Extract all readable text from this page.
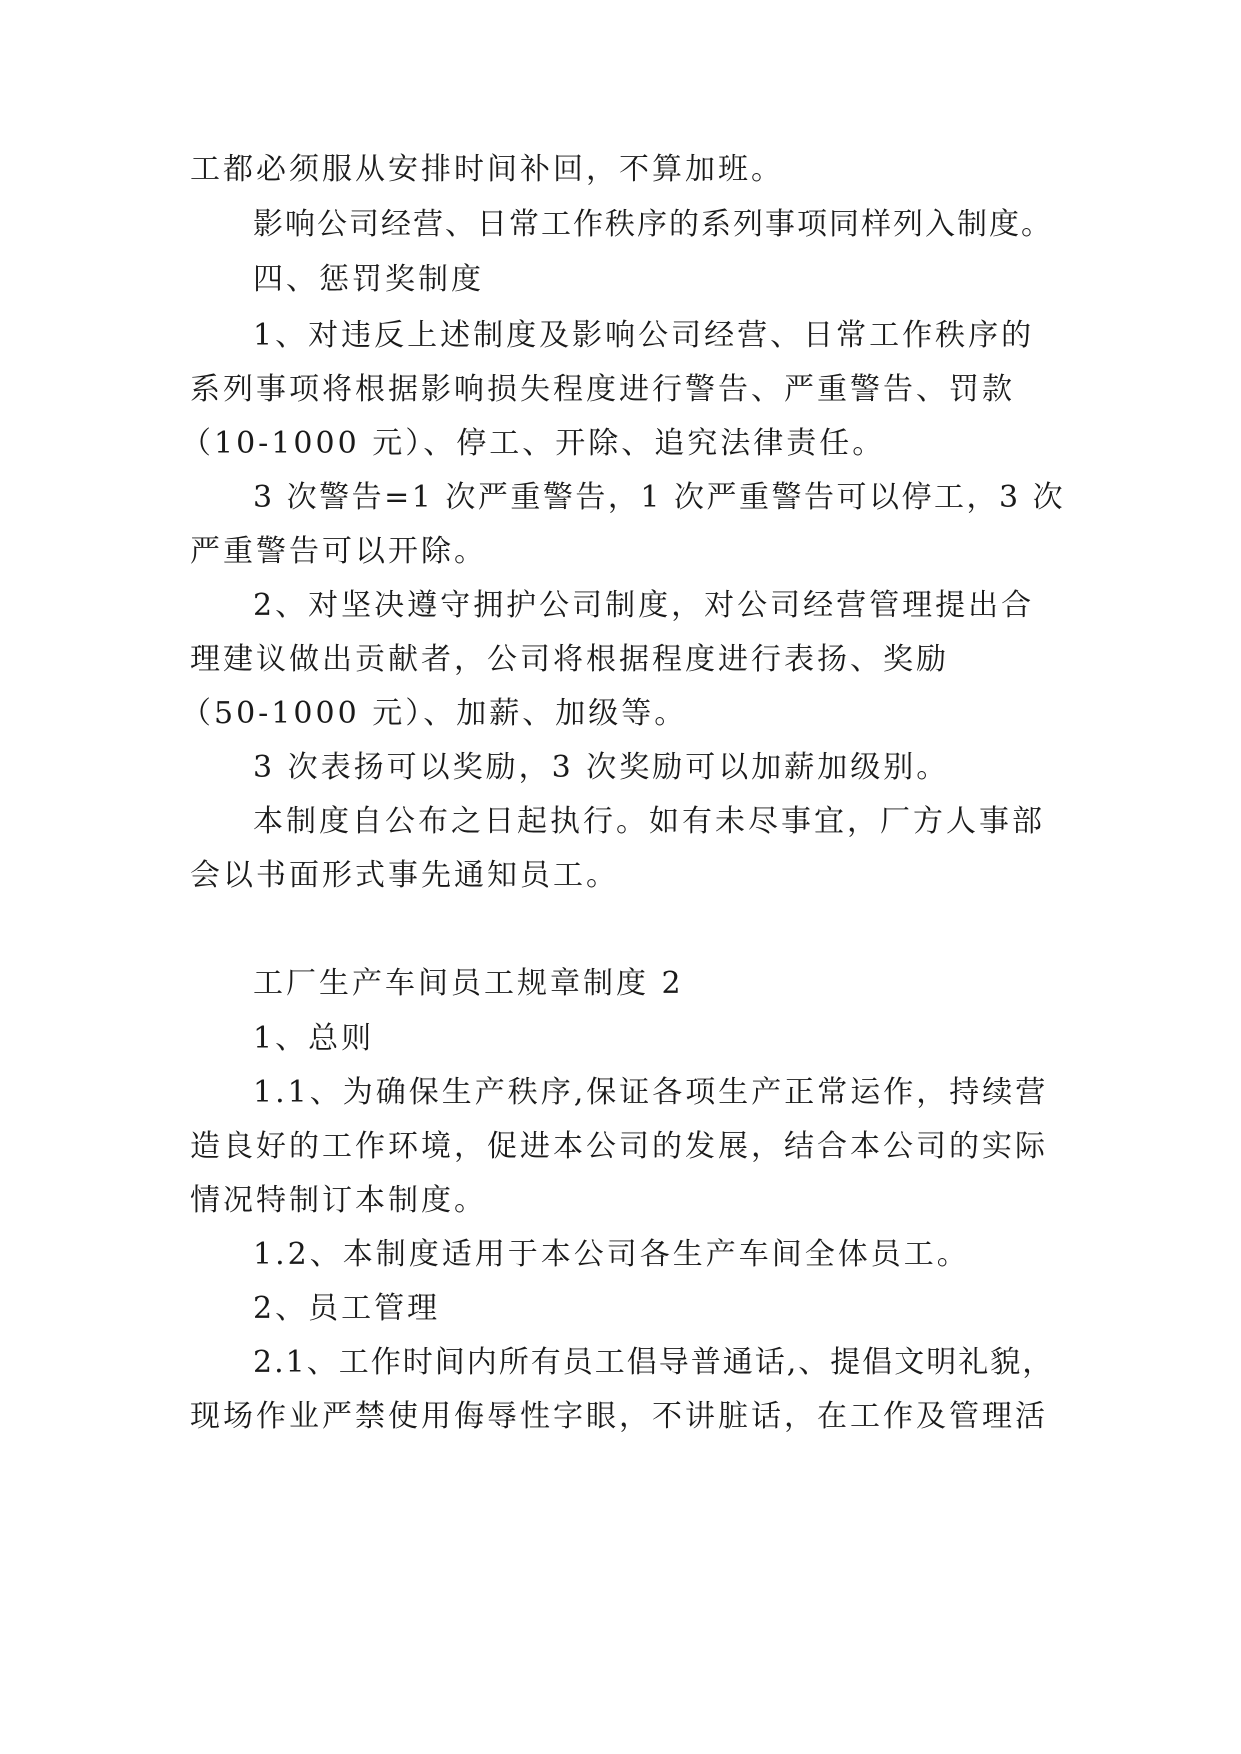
工都必须服从安排时间补回，不算加班。
影响公司经营、日常工作秩序的系列事项同样列入制度。
四、惩罚奖制度
1、对违反上述制度及影响公司经营、日常工作秩序的
系列事项将根据影响损失程度进行警告、严重警告、罚款
（10-1000 元）、停工、开除、追究法律责任。
3 次警告=1 次严重警告，1 次严重警告可以停工，3 次
严重警告可以开除。
2、对坚决遵守拥护公司制度，对公司经营管理提出合
理建议做出贡献者，公司将根据程度进行表扬、奖励
（50-1000 元）、加薪、加级等。
3 次表扬可以奖励，3 次奖励可以加薪加级别。
本制度自公布之日起执行。如有未尽事宜，厂方人事部
会以书面形式事先通知员工。
工厂生产车间员工规章制度 2
1、总则
1.1、为确保生产秩序,保证各项生产正常运作，持续营
造良好的工作环境，促进本公司的发展，结合本公司的实际
情况特制订本制度。
1.2、本制度适用于本公司各生产车间全体员工。
2、员工管理
2.1、工作时间内所有员工倡导普通话,、提倡文明礼貌，
现场作业严禁使用侮辱性字眼，不讲脏话，在工作及管理活
